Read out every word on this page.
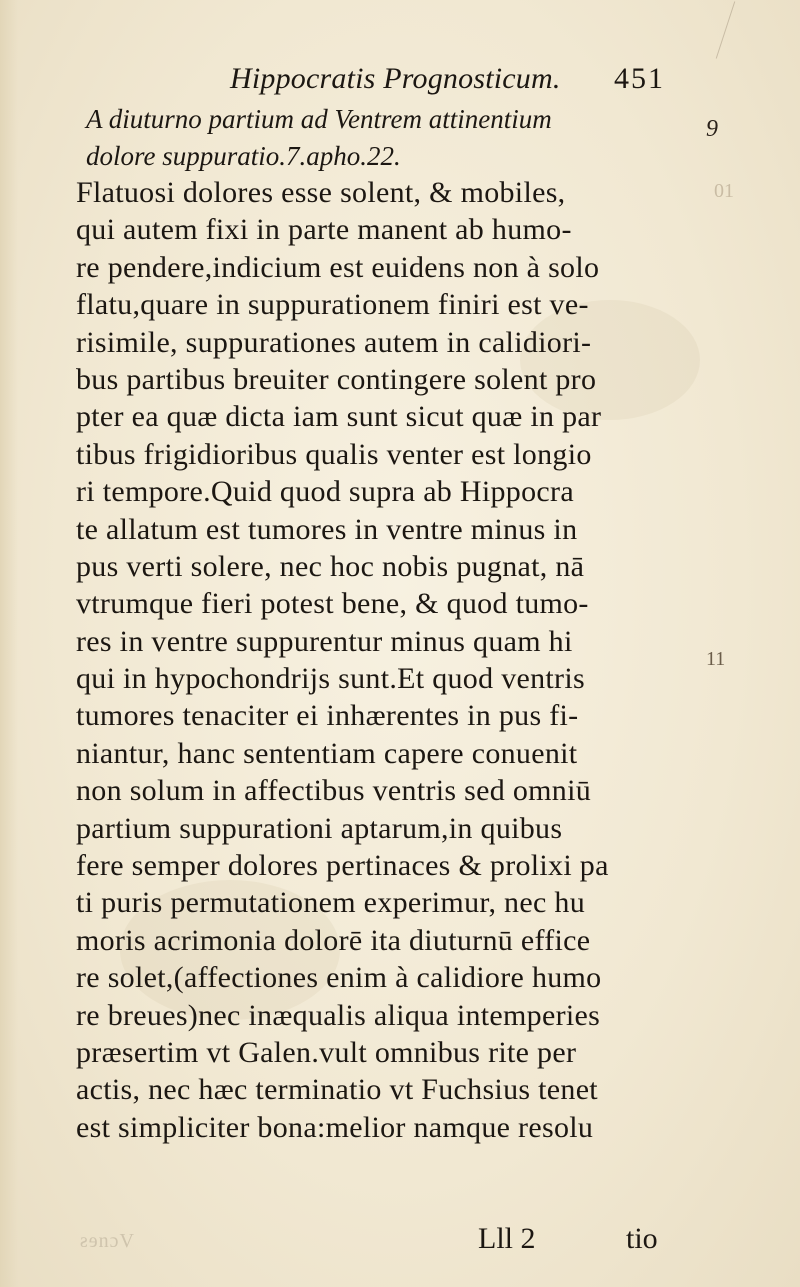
Hippocratis Prognosticum. 451
A diuturno partium ad Ventrem attinentium
dolore suppuratio.7.apho.22.
Flatuosi dolores esse solent, & mobiles,
qui autem fixi in parte manent ab humo-
re pendere,indicium est euidens non à solo
flatu,quare in suppurationem finiri est ve-
risimile, suppurationes autem in calidiori-
bus partibus breuiter contingere solent pro
pter ea quæ dicta iam sunt sicut quæ in par
tibus frigidioribus qualis venter est longio
ri tempore.Quid quod supra ab Hippocra
te allatum est tumores in ventre minus in
pus verti solere, nec hoc nobis pugnat, nā
vtrumque fieri potest bene, & quod tumo-
res in ventre suppurentur minus quam hi
qui in hypochondrijs sunt.Et quod ventris
tumores tenaciter ei inhærentes in pus fi-
niantur, hanc sententiam capere conuenit
non solum in affectibus ventris sed omniū
partium suppurationi aptarum,in quibus
fere semper dolores pertinaces & prolixi pa
ti puris permutationem experimur, nec hu
moris acrimonia dolorē ita diuturnū effice
re solet,(affectiones enim à calidiore humo
re breues)nec inæqualis aliqua intemperies
præsertim vt Galen.vult omnibus rite per
actis, nec hæc terminatio vt Fuchsius tenet
est simpliciter bona:melior namque resolu
9
01
11
ƨɘnɔV	Lll 2	tio
